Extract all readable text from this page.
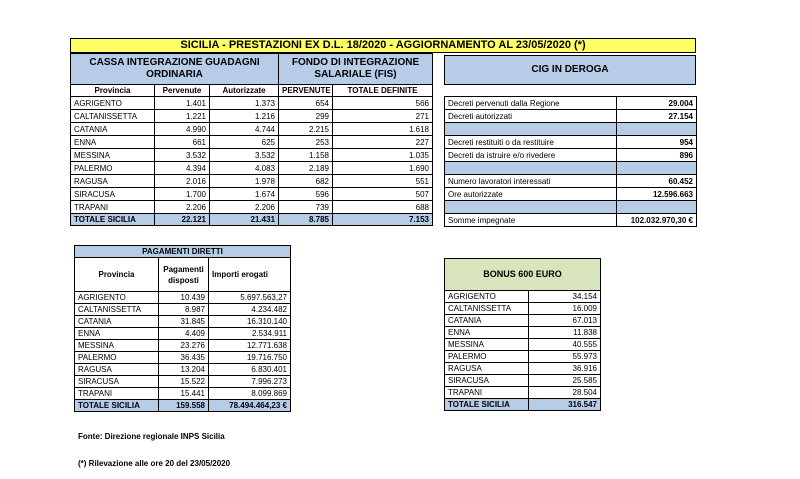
SICILIA - PRESTAZIONI EX D.L. 18/2020 - AGGIORNAMENTO AL 23/05/2020 (*)
CASSA INTEGRAZIONE GUADAGNI ORDINARIA			FONDO DI INTEGRAZIONE SALARIALE (FIS)	
Provincia	Pervenute	Autorizzate	PERVENUTE	TOTALE DEFINITE
AGRIGENTO	1.401	1.373	654	566
CALTANISSETTA	1.221	1.216	299	271
CATANIA	4.990	4.744	2.215	1.618
ENNA	661	625	253	227
MESSINA	3.532	3.532	1.158	1.035
PALERMO	4.394	4.083	2.189	1.690
RAGUSA	2.016	1.978	682	551
SIRACUSA	1.700	1.674	596	507
TRAPANI	2.206	2.206	739	688
TOTALE SICILIA	22.121	21.431	8.785	7.153
CIG IN DEROGA
Decreti pervenuti dalla Regione	29.004
Decreti autorizzati	27.154

Decreti restituiti o da restituire	954
Decreti da istruire e/o rivedere	896

Numero lavoratori interessati	60.452
Ore autorizzate	12.596.663

Somme impegnate	102.032.970,30 €
PAGAMENTI DIRETTI		
Provincia	Pagamenti disposti	Importi erogati
AGRIGENTO	10.439	5.697.563,27
CALTANISSETTA	8.987	4.234.482
CATANIA	31.845	16.310.140
ENNA	4.409	2.534.911
MESSINA	23.276	12.771.638
PALERMO	36.435	19.716.750
RAGUSA	13.204	6.830.401
SIRACUSA	15.522	7.996.273
TRAPANI	15.441	8.099.869
TOTALE SICILIA	159.558	78.494.464,23 €
BONUS 600 EURO	
AGRIGENTO	34.154
CALTANISSETTA	16.009
CATANIA	67.013
ENNA	11.838
MESSINA	40.555
PALERMO	55.973
RAGUSA	36.916
SIRACUSA	25.585
TRAPANI	28.504
TOTALE SICILIA	316.547
Fonte: Direzione regionale INPS Sicilia
(*) Rilevazione alle ore 20 del 23/05/2020
